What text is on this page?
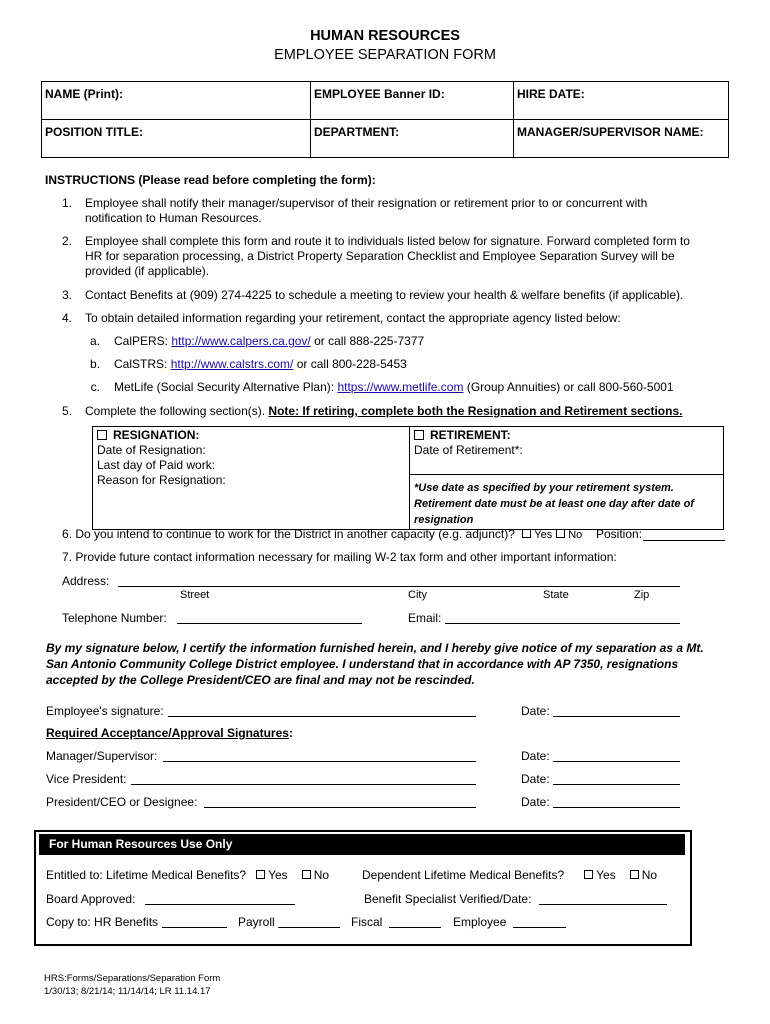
HUMAN RESOURCES
EMPLOYEE SEPARATION FORM
NAME (Print):	EMPLOYEE Banner ID:	HIRE DATE:
POSITION TITLE:	DEPARTMENT:	MANAGER/SUPERVISOR NAME:
INSTRUCTIONS (Please read before completing the form):
1. Employee shall notify their manager/supervisor of their resignation or retirement prior to or concurrent with notification to Human Resources.
2. Employee shall complete this form and route it to individuals listed below for signature. Forward completed form to HR for separation processing, a District Property Separation Checklist and Employee Separation Survey will be provided (if applicable).
3. Contact Benefits at (909) 274-4225 to schedule a meeting to review your health & welfare benefits (if applicable).
4. To obtain detailed information regarding your retirement, contact the appropriate agency listed below:
a. CalPERS: http://www.calpers.ca.gov/ or call 888-225-7377
b. CalSTRS: http://www.calstrs.com/ or call 800-228-5453
c. MetLife (Social Security Alternative Plan): https://www.metlife.com (Group Annuities) or call 800-560-5001
5. Complete the following section(s). Note: If retiring, complete both the Resignation and Retirement sections.
RESIGNATION:
Date of Resignation:
Last day of Paid work:
Reason for Resignation:

RETIREMENT:
Date of Retirement*:
*Use date as specified by your retirement system. Retirement date must be at least one day after date of resignation
6. Do you intend to continue to work for the District in another capacity (e.g. adjunct)? Yes No Position:
7. Provide future contact information necessary for mailing W-2 tax form and other important information:
Address:
Street	City	State	Zip
Telephone Number:	Email:
By my signature below, I certify the information furnished herein, and I hereby give notice of my separation as a Mt. San Antonio Community College District employee. I understand that in accordance with AP 7350, resignations accepted by the College President/CEO are final and may not be rescinded.
Employee's signature:	Date:
Required Acceptance/Approval Signatures:
Manager/Supervisor:	Date:
Vice President:	Date:
President/CEO or Designee:	Date:
For Human Resources Use Only
Entitled to: Lifetime Medical Benefits? Yes No	Dependent Lifetime Medical Benefits?	Yes No
Board Approved:	Benefit Specialist Verified/Date:
Copy to: HR Benefits	Payroll	Fiscal	Employee
HRS:Forms/Separations/Separation Form
1/30/13; 8/21/14; 11/14/14; LR 11.14.17
